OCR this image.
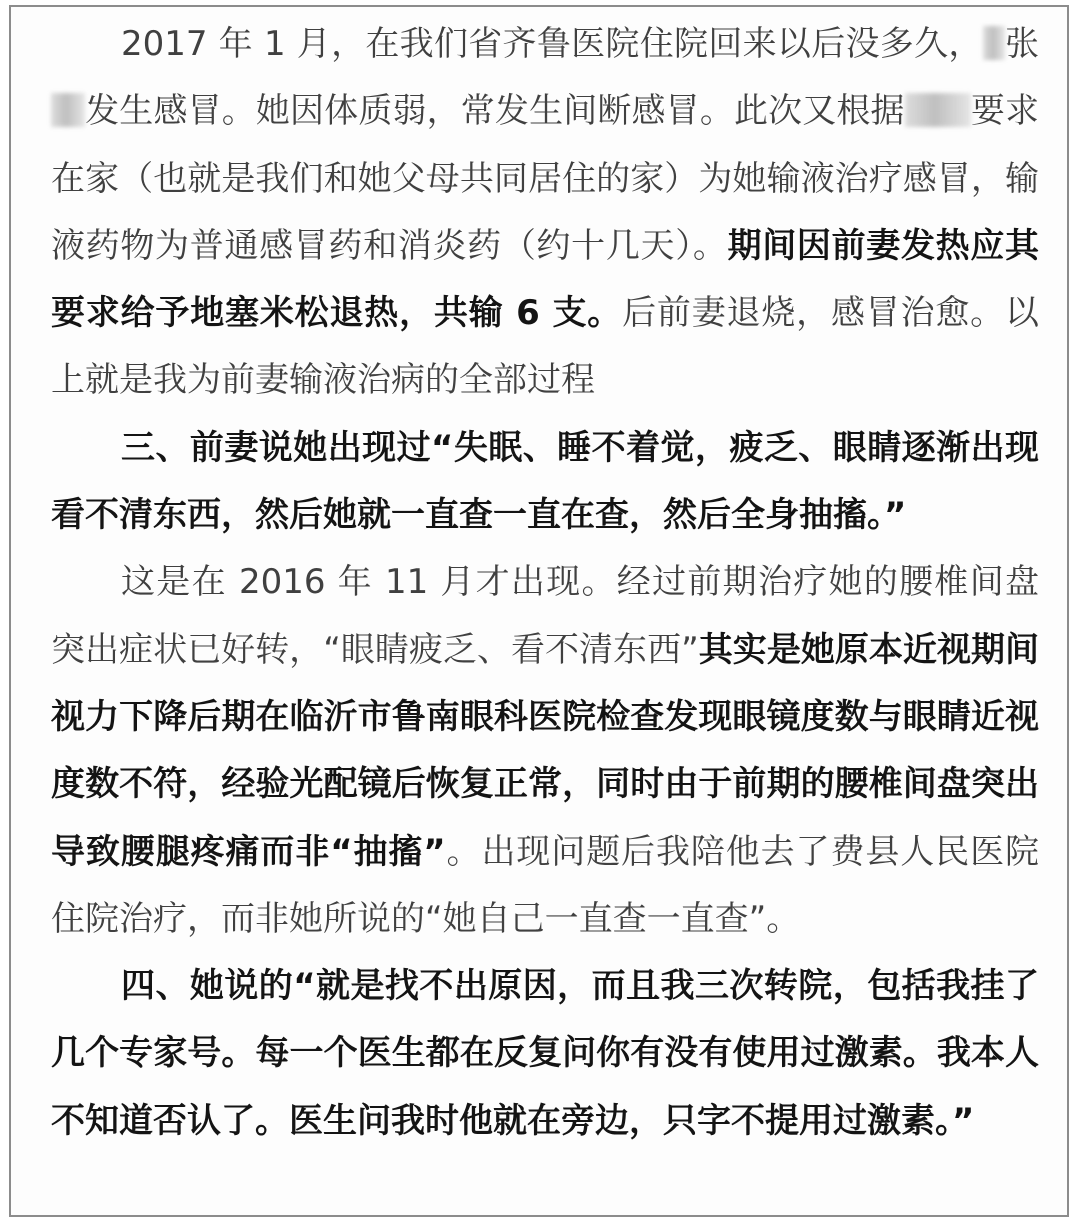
2017 年 1 月，在我们省齐鲁医院住院回来以后没多久， 张发生感冒。她因体质弱，常发生间断感冒。此次又根据 要求在家（也就是我们和她父母共同居住的家）为她输液治疗感冒，输液药物为普通感冒药和消炎药（约十几天）。期间因前妻发热应其要求给予地塞米松退热，共输 6 支。后前妻退烧，感冒治愈。以上就是我为前妻输液治病的全部过程

三、前妻说她出现过“失眠、睡不着觉，疲乏、眼睛逐渐出现看不清东西，然后她就一直查一直在查，然后全身抽搐。”

这是在 2016 年 11 月才出现。经过前期治疗她的腰椎间盘突出症状已好转，“眼睛疲乏、看不清东西”其实是她原本近视期间视力下降后期在临沂市鲁南眼科医院检查发现眼镜度数与眼睛近视度数不符，经验光配镜后恢复正常，同时由于前期的腰椎间盘突出导致腰腿疼痛而非“抽搐”。出现问题后我陪他去了费县人民医院住院治疗，而非她所说的“她自己一直查一直查”。

四、她说的“就是找不出原因，而且我三次转院，包括我挂了几个专家号。每一个医生都在反复问你有没有使用过激素。我本人不知道否认了。医生问我时他就在旁边，只字不提用过激素。”
